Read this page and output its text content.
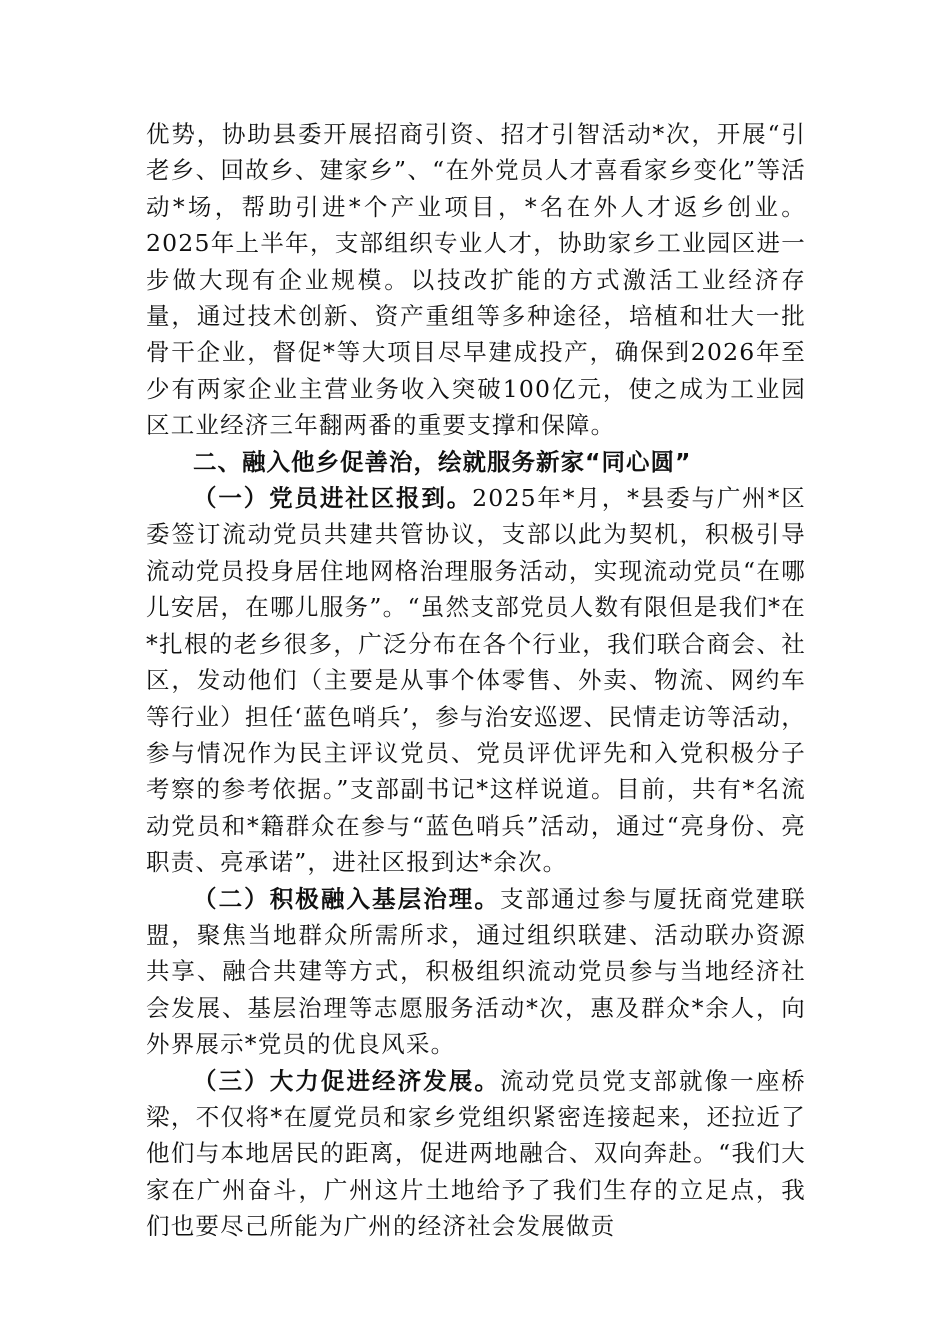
优势，协助县委开展招商引资、招才引智活动*次，开展“引老乡、回故乡、建家乡”、“在外党员人才喜看家乡变化”等活动*场，帮助引进*个产业项目，*名在外人才返乡创业。2025年上半年，支部组织专业人才，协助家乡工业园区进一步做大现有企业规模。以技改扩能的方式激活工业经济存量，通过技术创新、资产重组等多种途径，培植和壮大一批骨干企业，督促*等大项目尽早建成投产，确保到2026年至少有两家企业主营业务收入突破100亿元，使之成为工业园区工业经济三年翻两番的重要支撑和保障。

二、融入他乡促善治，绘就服务新家“同心圆”

（一）党员进社区报到。2025年*月，*县委与广州*区委签订流动党员共建共管协议，支部以此为契机，积极引导流动党员投身居住地网格治理服务活动，实现流动党员“在哪儿安居，在哪儿服务”。“虽然支部党员人数有限但是我们*在*扎根的老乡很多，广泛分布在各个行业，我们联合商会、社区，发动他们（主要是从事个体零售、外卖、物流、网约车等行业）担任‘蓝色哨兵’，参与治安巡逻、民情走访等活动，参与情况作为民主评议党员、党员评优评先和入党积极分子考察的参考依据。”支部副书记*这样说道。目前，共有*名流动党员和*籍群众在参与“蓝色哨兵”活动，通过“亮身份、亮职责、亮承诺”，进社区报到达*余次。

（二）积极融入基层治理。支部通过参与厦抚商党建联盟，聚焦当地群众所需所求，通过组织联建、活动联办资源共享、融合共建等方式，积极组织流动党员参与当地经济社会发展、基层治理等志愿服务活动*次，惠及群众*余人，向外界展示*党员的优良风采。

（三）大力促进经济发展。流动党员党支部就像一座桥梁，不仅将*在厦党员和家乡党组织紧密连接起来，还拉近了他们与本地居民的距离，促进两地融合、双向奔赴。“我们大家在广州奋斗，广州这片土地给予了我们生存的立足点，我们也要尽己所能为广州的经济社会发展做贡
